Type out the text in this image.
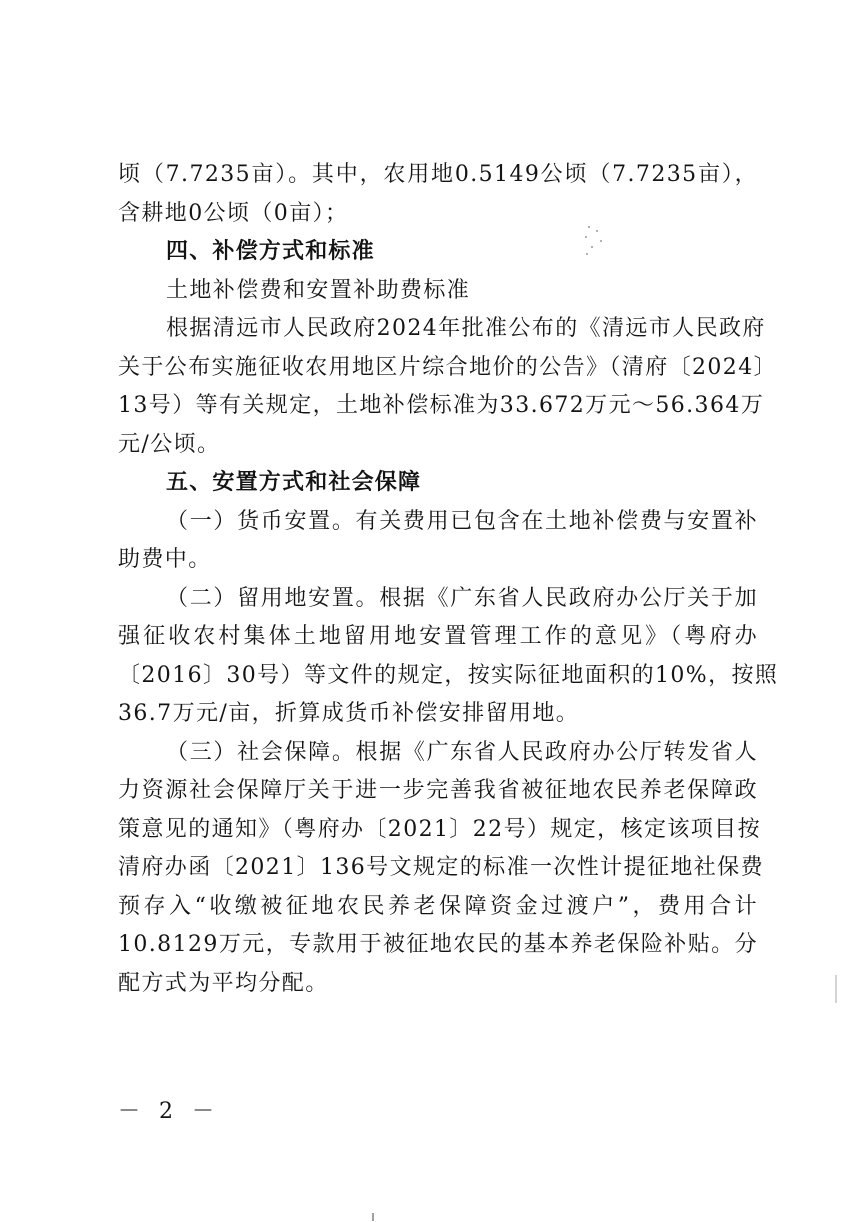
顷（7.7235亩）。其中，农用地0.5149公顷（7.7235亩），
含耕地0公顷（0亩）；
四、补偿方式和标准
土地补偿费和安置补助费标准
根据清远市人民政府2024年批准公布的《清远市人民政府
关于公布实施征收农用地区片综合地价的公告》（清府〔2024〕
13号）等有关规定，土地补偿标准为33.672万元～56.364万
元/公顷。
五、安置方式和社会保障
（一）货币安置。有关费用已包含在土地补偿费与安置补
助费中。
（二）留用地安置。根据《广东省人民政府办公厅关于加
强征收农村集体土地留用地安置管理工作的意见》（粤府办
〔2016〕30号）等文件的规定，按实际征地面积的10%，按照
36.7万元/亩，折算成货币补偿安排留用地。
（三）社会保障。根据《广东省人民政府办公厅转发省人
力资源社会保障厅关于进一步完善我省被征地农民养老保障政
策意见的通知》（粤府办〔2021〕22号）规定，核定该项目按
清府办函〔2021〕136号文规定的标准一次性计提征地社保费
预存入“收缴被征地农民养老保障资金过渡户”，费用合计
10.8129万元，专款用于被征地农民的基本养老保险补贴。分
配方式为平均分配。
－ 2 －
